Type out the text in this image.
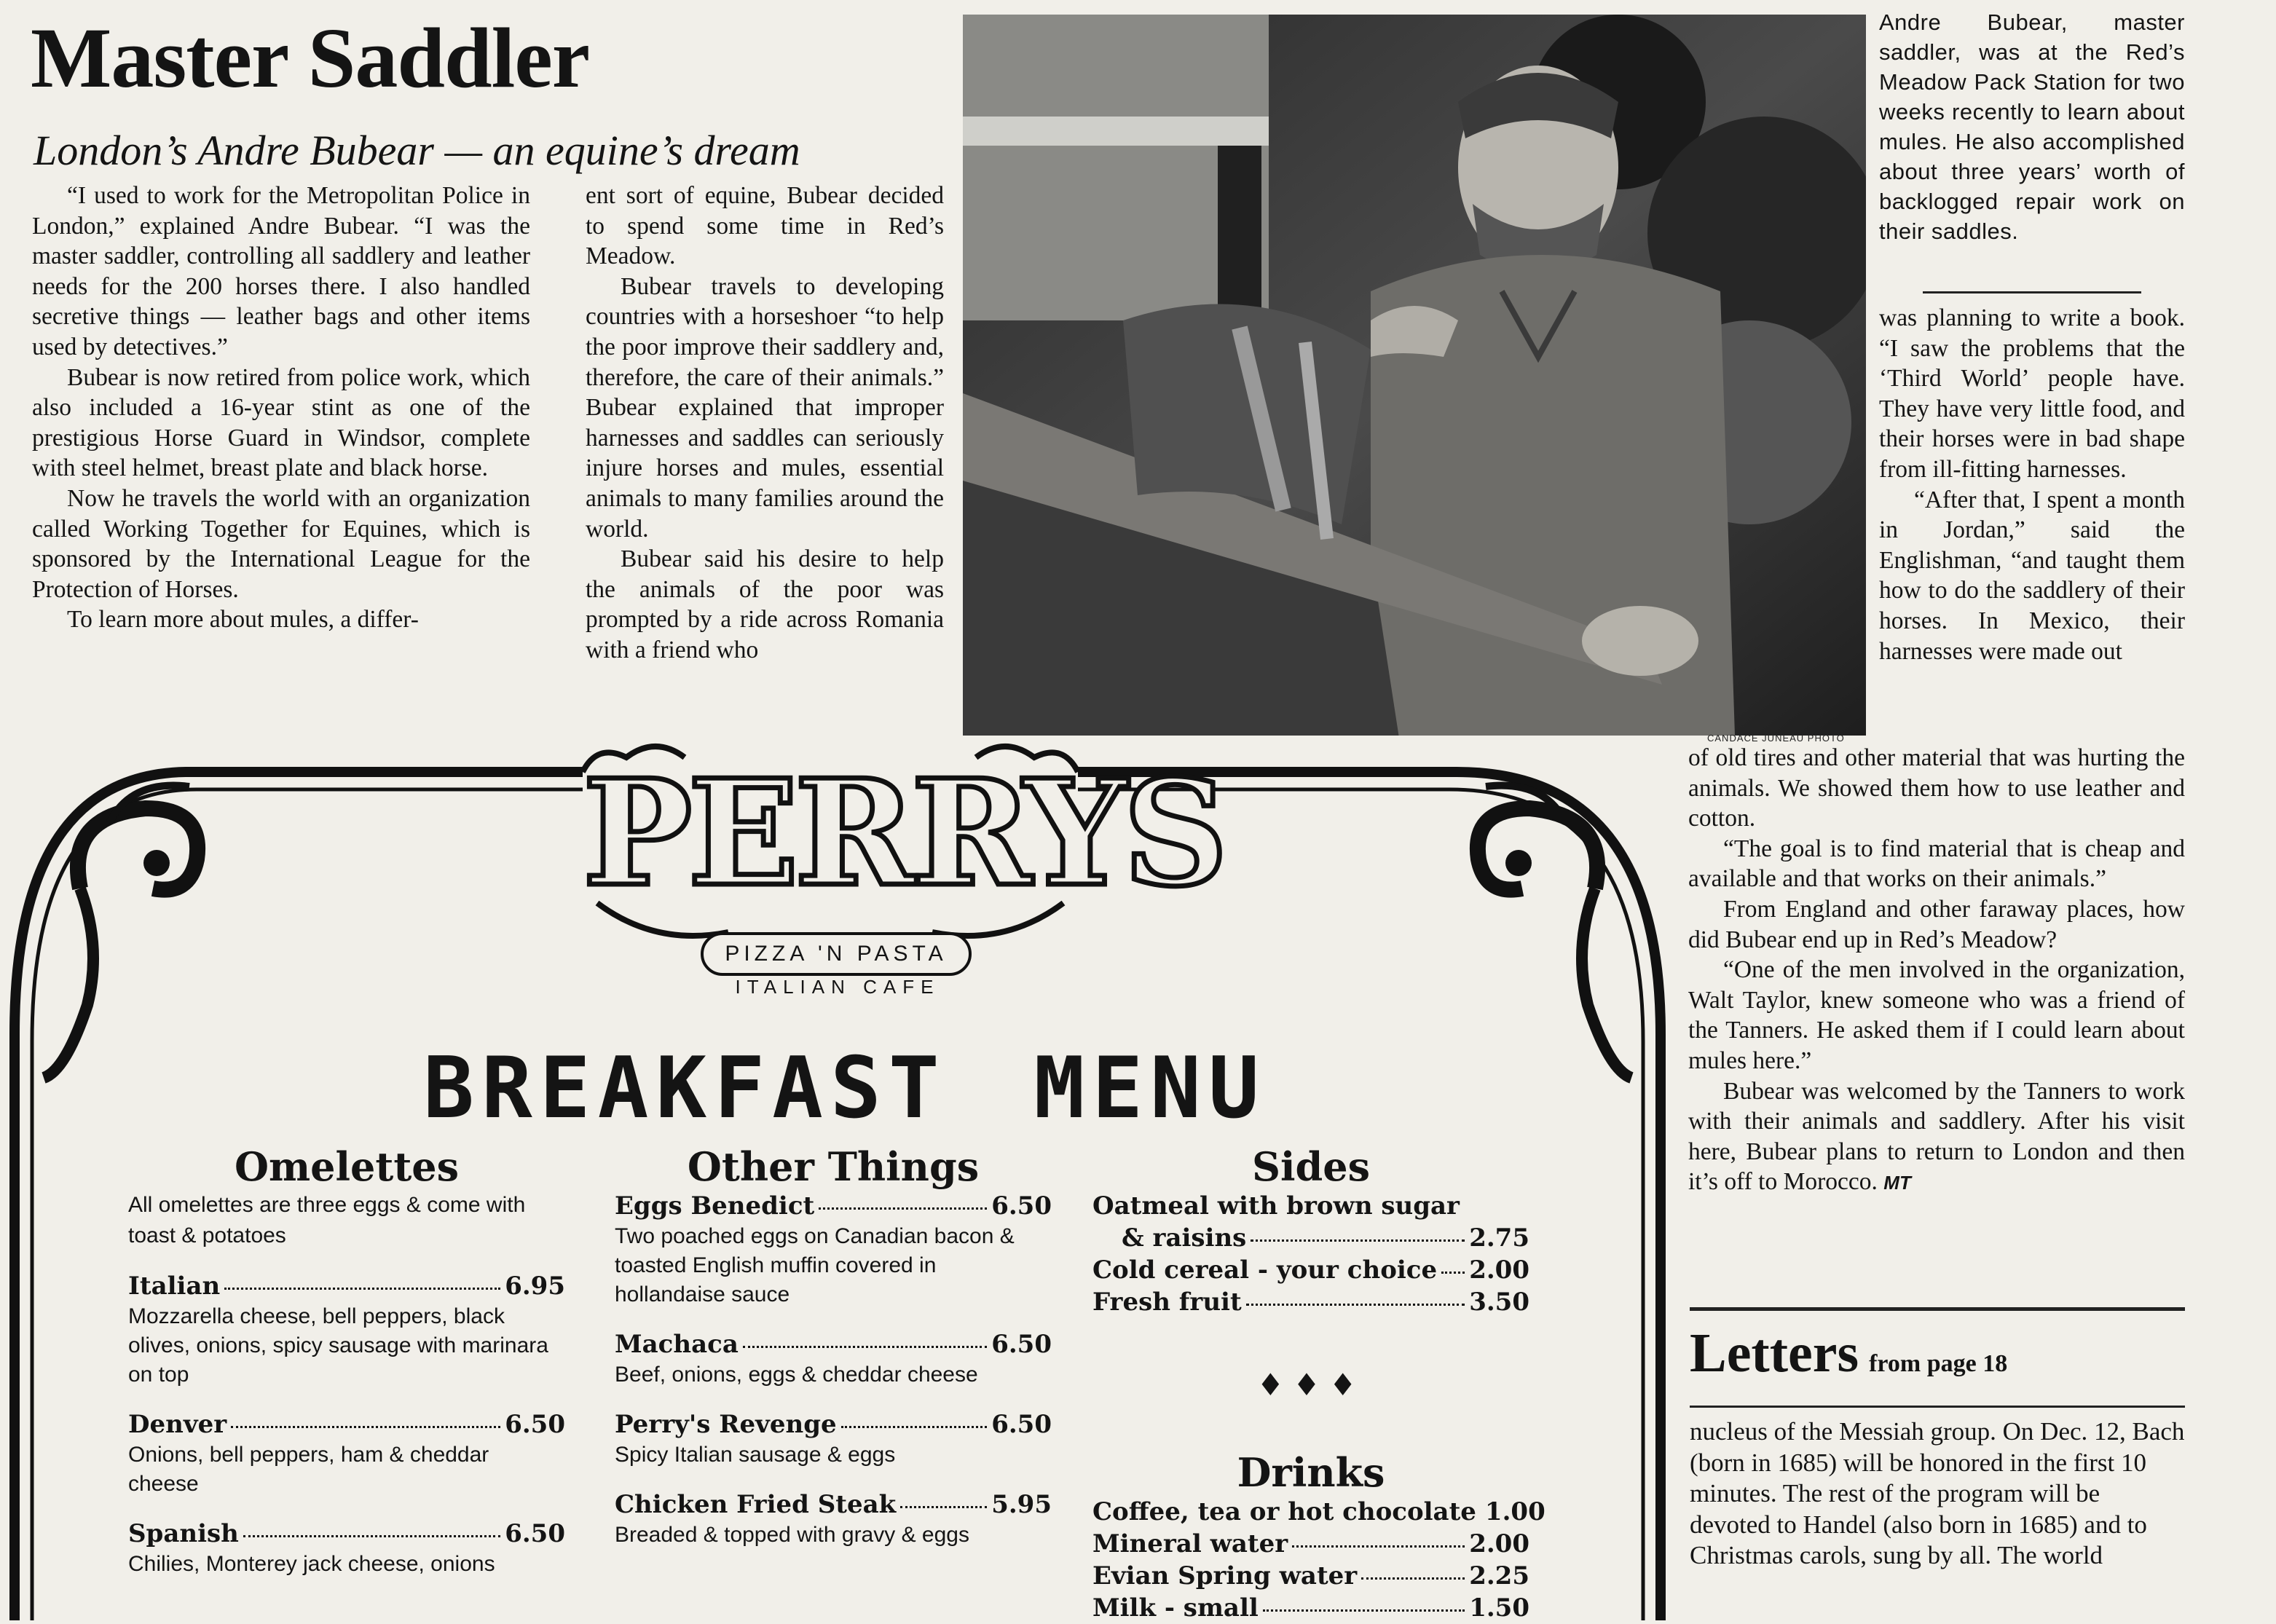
Master Saddler
London’s Andre Bubear — an equine’s dream

“I used to work for the Metropolitan Police in London,” explained Andre Bubear. “I was the master saddler, controlling all saddlery and leather needs for the 200 horses there. I also handled secretive things — leather bags and other items used by detectives.”

Bubear is now retired from police work, which also included a 16-year stint as one of the prestigious Horse Guard in Windsor, complete with steel helmet, breast plate and black horse.

Now he travels the world with an organization called Working Together for Equines, which is sponsored by the International League for the Protection of Horses.

To learn more about mules, a differ-

ent sort of equine, Bubear decided to spend some time in Red’s Meadow.

Bubear travels to developing countries with a horseshoer “to help the poor improve their saddlery and, therefore, the care of their animals.” Bubear explained that improper harnesses and saddles can seriously injure horses and mules, essential animals to many families around the world.

Bubear said his desire to help the animals of the poor was prompted by a ride across Romania with a friend who

CANDACE JUNEAU PHOTO
Andre Bubear, master saddler, was at the Red’s Meadow Pack Station for two weeks recently to learn about mules. He also accomplished about three years’ worth of backlogged repair work on their saddles.

was planning to write a book. “I saw the problems that the ‘Third World’ people have. They have very little food, and their horses were in bad shape from ill-fitting harnesses.

“After that, I spent a month in Jordan,” said the Englishman, “and taught them how to do the saddlery of their horses. In Mexico, their harnesses were made out

of old tires and other material that was hurting the animals. We showed them how to use leather and cotton.

“The goal is to find material that is cheap and available and that works on their animals.”

From England and other faraway places, how did Bubear end up in Red’s Meadow?

“One of the men involved in the organization, Walt Taylor, knew someone who was a friend of the Tanners. He asked them if I could learn about mules here.”

Bubear was welcomed by the Tanners to work with their animals and saddlery. After his visit here, Bubear plans to return to London and then it’s off to Morocco. MT

Letters from page 18

nucleus of the Messiah group. On Dec. 12, Bach (born in 1685) will be honored in the first 10 minutes. The rest of the program will be devoted to Handel (also born in 1685) and to Christmas carols, sung by all. The world

PERRYS
PIZZA 'N PASTA
ITALIAN CAFE
BREAKFAST MENU
Omelettes
All omelettes are three eggs & come with toast & potatoes
Italian	6.95
Mozzarella cheese, bell peppers, black olives, onions, spicy sausage with marinara on top
Denver	6.50
Onions, bell peppers, ham & cheddar cheese
Spanish	6.50
Chilies, Monterey jack cheese, onions
Other Things
Eggs Benedict	6.50
Two poached eggs on Canadian bacon & toasted English muffin covered in hollandaise sauce
Machaca	6.50
Beef, onions, eggs & cheddar cheese
Perry's Revenge	6.50
Spicy Italian sausage & eggs
Chicken Fried Steak	5.95
Breaded & topped with gravy & eggs
Sides
Oatmeal with brown sugar
& raisins	2.75
Cold cereal - your choice 2.00
Fresh fruit	3.50
♦♦♦
Drinks
Coffee, tea or hot chocolate 1.00
Mineral water	2.00
Evian Spring water	2.25
Milk - small	1.50
